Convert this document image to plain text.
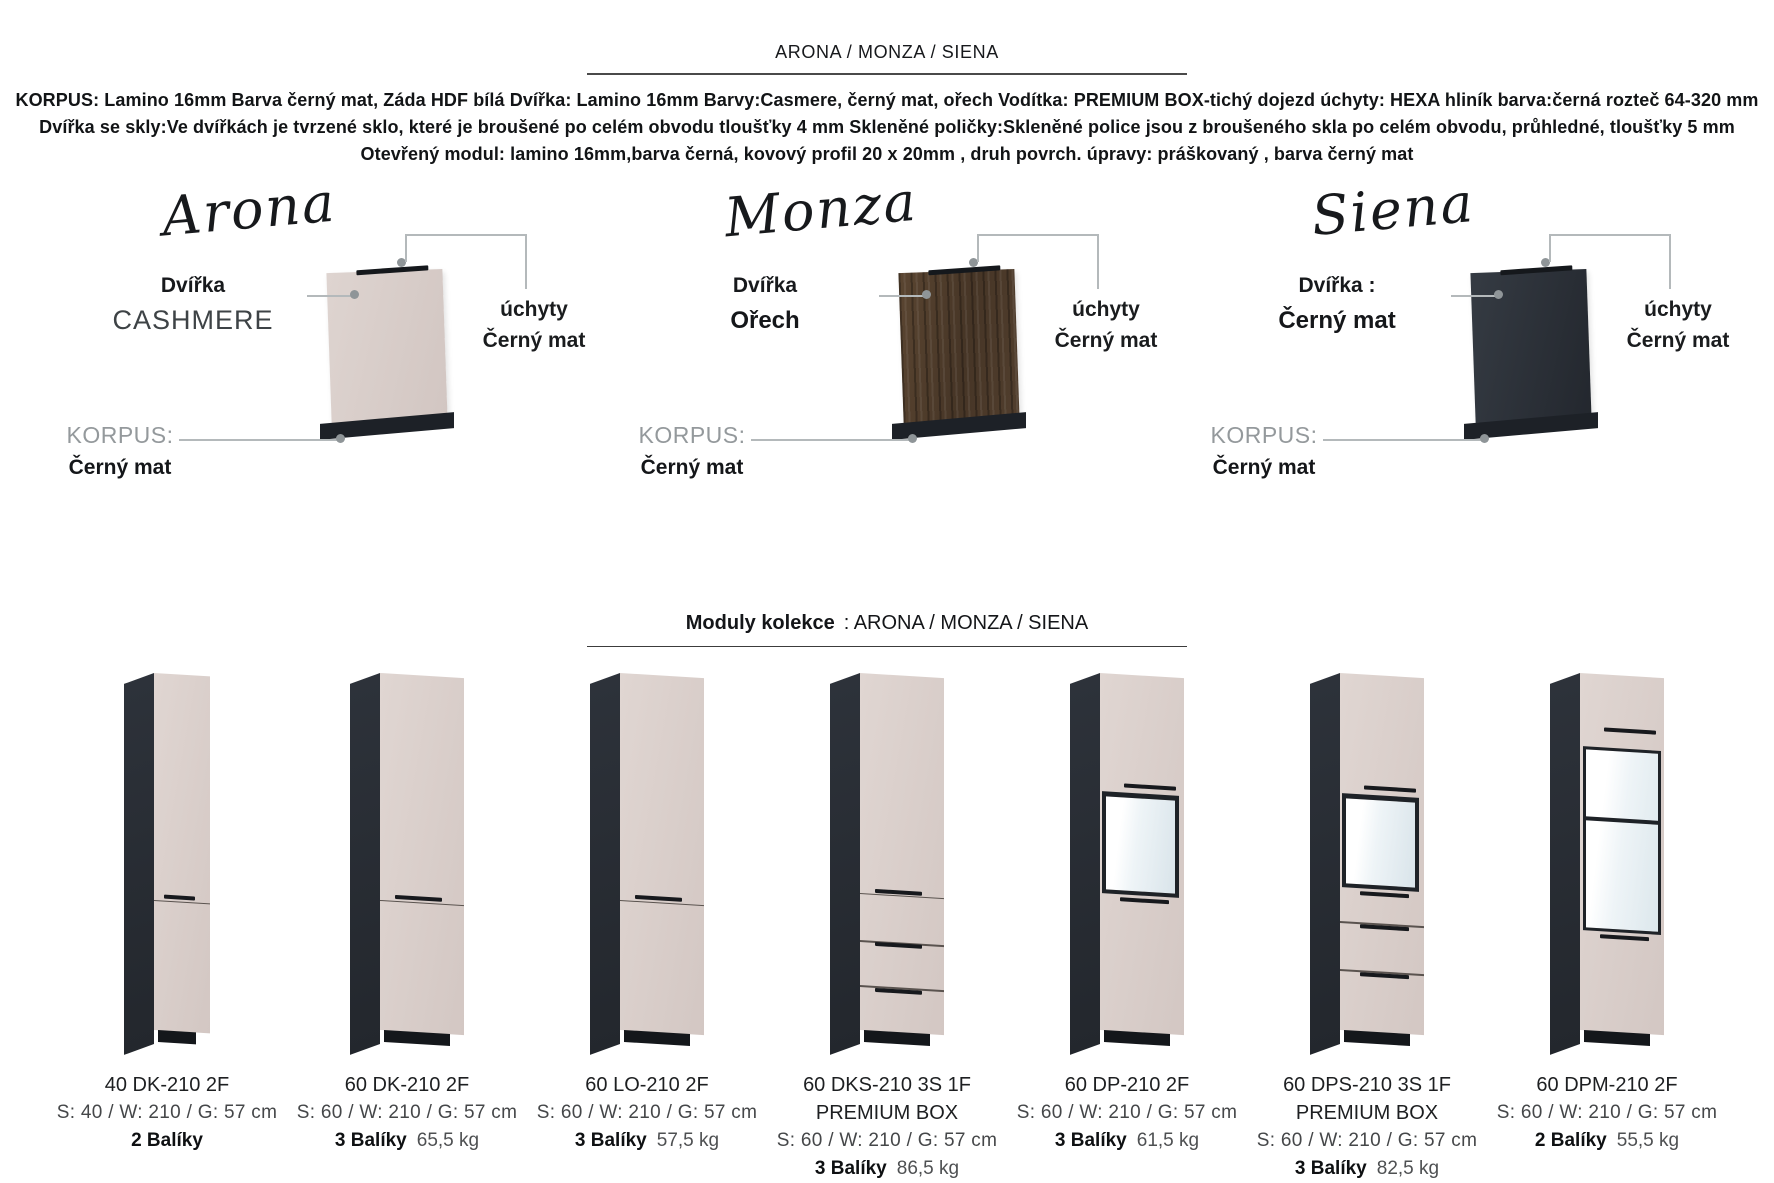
ARONA / MONZA / SIENA
KORPUS: Lamino 16mm Barva černý mat, Záda HDF bílá Dvířka: Lamino 16mm Barvy:Casmere, černý mat, ořech Vodítka: PREMIUM BOX-tichý dojezd úchyty: HEXA hliník barva:černá rozteč 64-320 mm
Dvířka se skly:Ve dvířkách je tvrzené sklo, které je broušené po celém obvodu tloušťky 4 mm Skleněné poličky:Skleněné police jsou z broušeného skla po celém obvodu, průhledné, tloušťky 5 mm
Otevřený modul: lamino 16mm,barva černá, kovový profil 20 x 20mm , druh povrch. úpravy: práškovaný , barva černý mat
Arona
Dvířka
CASHMERE	úchyty
Černý mat
KORPUS:
Černý mat
Monza
Dvířka
Ořech	úchyty
Černý mat
KORPUS:
Černý mat
Siena
Dvířka :
Černý mat	úchyty
Černý mat
KORPUS:
Černý mat
Moduly kolekce : ARONA / MONZA / SIENA
40 DK-210 2F
S: 40 / W: 210 / G: 57 cm
2 Balíky
60 DK-210 2F
S: 60 / W: 210 / G: 57 cm
3 Balíky 65,5 kg
60 LO-210 2F
S: 60 / W: 210 / G: 57 cm
3 Balíky 57,5 kg
60 DKS-210 3S 1F
PREMIUM BOX
S: 60 / W: 210 / G: 57 cm
3 Balíky 86,5 kg
60 DP-210 2F
S: 60 / W: 210 / G: 57 cm
3 Balíky 61,5 kg
60 DPS-210 3S 1F
PREMIUM BOX
S: 60 / W: 210 / G: 57 cm
3 Balíky 82,5 kg
60 DPM-210 2F
S: 60 / W: 210 / G: 57 cm
2 Balíky 55,5 kg
